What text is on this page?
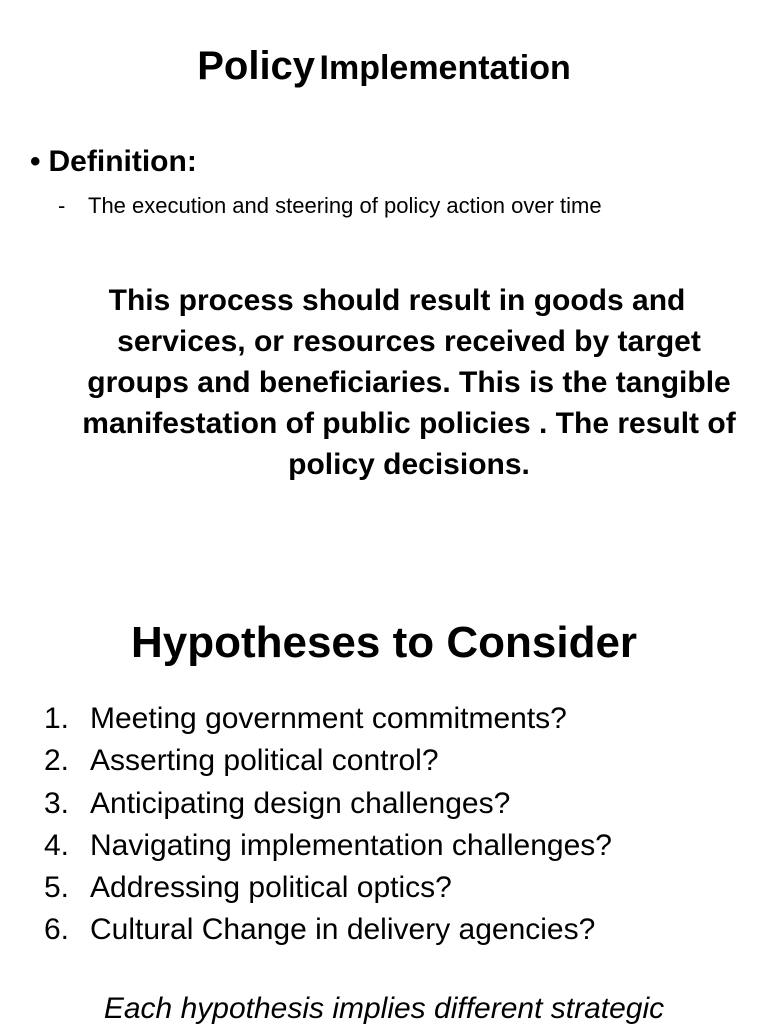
Policy Implementation
• Definition:
- The execution and steering of policy action over time
This process should result in goods and services, or resources received by target groups and beneficiaries. This is the tangible manifestation of public policies . The result of policy decisions.
Hypotheses to Consider
1. Meeting government commitments?
2. Asserting political control?
3. Anticipating design challenges?
4. Navigating implementation challenges?
5. Addressing political optics?
6. Cultural Change in delivery agencies?
Each hypothesis implies different strategic
